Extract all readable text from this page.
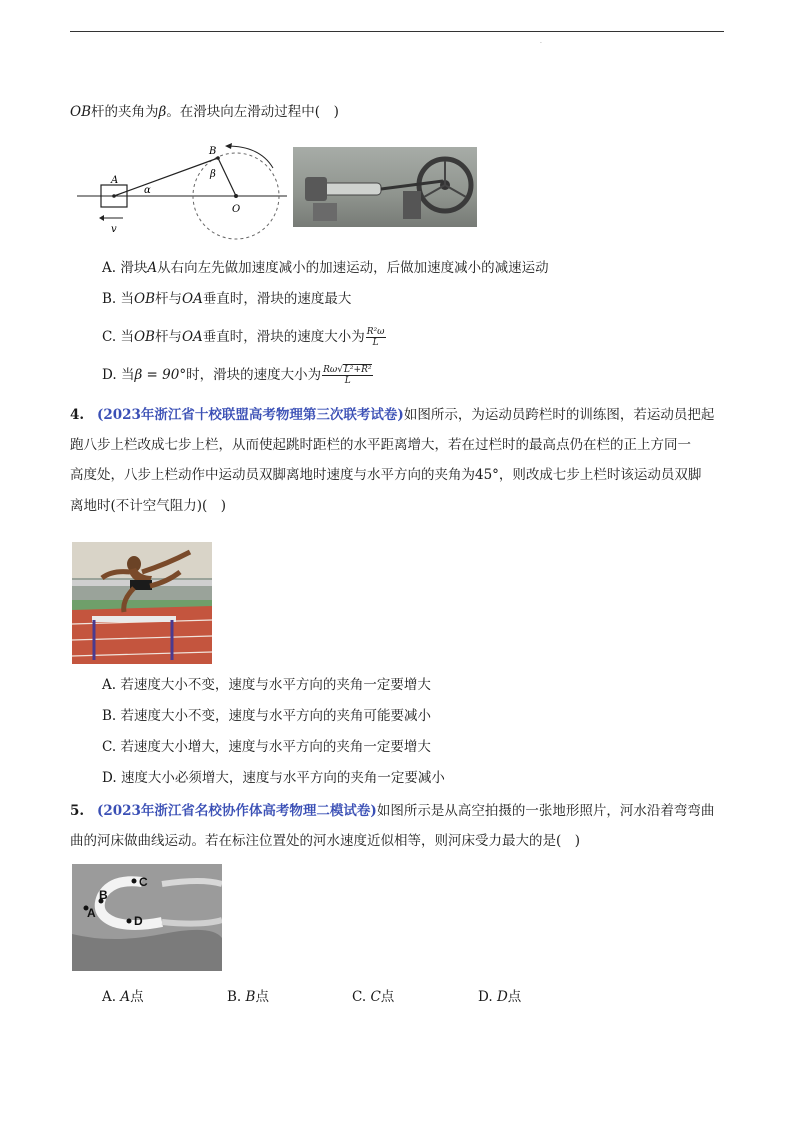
·
OB杆的夹角为β。在滑块向左滑动过程中(　)
A
B
O
α
β
v
A. 滑块A从右向左先做加速度减小的加速运动，后做加速度减小的减速运动
B. 当OB杆与OA垂直时，滑块的速度最大
C. 当OB杆与OA垂直时，滑块的速度大小为 $\frac{\text{R²ω}}{L}$
D. 当β = 90°时，滑块的速度大小为 $\frac{\text{Rω√L²+R²}}{L}$
4. (2023年浙江省十校联盟高考物理第三次联考试卷)如图所示，为运动员跨栏时的训练图，若运动员把起
跑八步上栏改成七步上栏，从而使起跳时距栏的水平距离增大，若在过栏时的最高点仍在栏的正上方同一
高度处，八步上栏动作中运动员双脚离地时速度与水平方向的夹角为45°，则改成七步上栏时该运动员双脚
离地时(不计空气阻力)(　)
A. 若速度大小不变，速度与水平方向的夹角一定要增大
B. 若速度大小不变，速度与水平方向的夹角可能要减小
C. 若速度大小增大，速度与水平方向的夹角一定要增大
D. 速度大小必须增大，速度与水平方向的夹角一定要减小
5. (2023年浙江省名校协作体高考物理二模试卷)如图所示是从高空拍摄的一张地形照片，河水沿着弯弯曲
曲的河床做曲线运动。若在标注位置处的河水速度近似相等，则河床受力最大的是(　)
A
B
C
D
A. A点	B. B点	C. C点	D. D点
